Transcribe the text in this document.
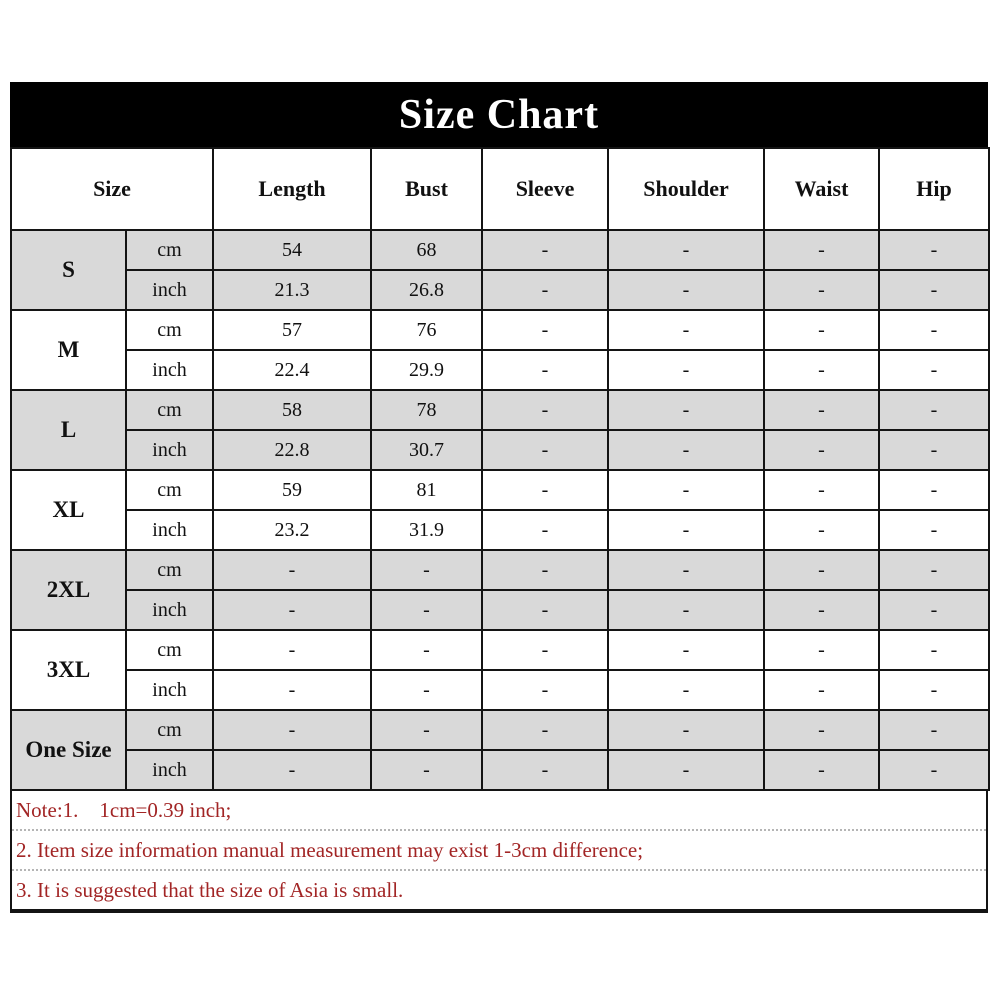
Size Chart
Size		Length	Bust	Sleeve	Shoulder	Waist	Hip
S	cm	54	68	-	-	-	-
	inch	21.3	26.8	-	-	-	-
M	cm	57	76	-	-	-	-
	inch	22.4	29.9	-	-	-	-
L	cm	58	78	-	-	-	-
	inch	22.8	30.7	-	-	-	-
XL	cm	59	81	-	-	-	-
	inch	23.2	31.9	-	-	-	-
2XL	cm	-	-	-	-	-	-
	inch	-	-	-	-	-	-
3XL	cm	-	-	-	-	-	-
	inch	-	-	-	-	-	-
One Size	cm	-	-	-	-	-	-
	inch	-	-	-	-	-	-
Note:1.    1cm=0.39 inch;
2. Item size information manual measurement may exist 1-3cm difference;
3. It is suggested that the size of Asia is small.
